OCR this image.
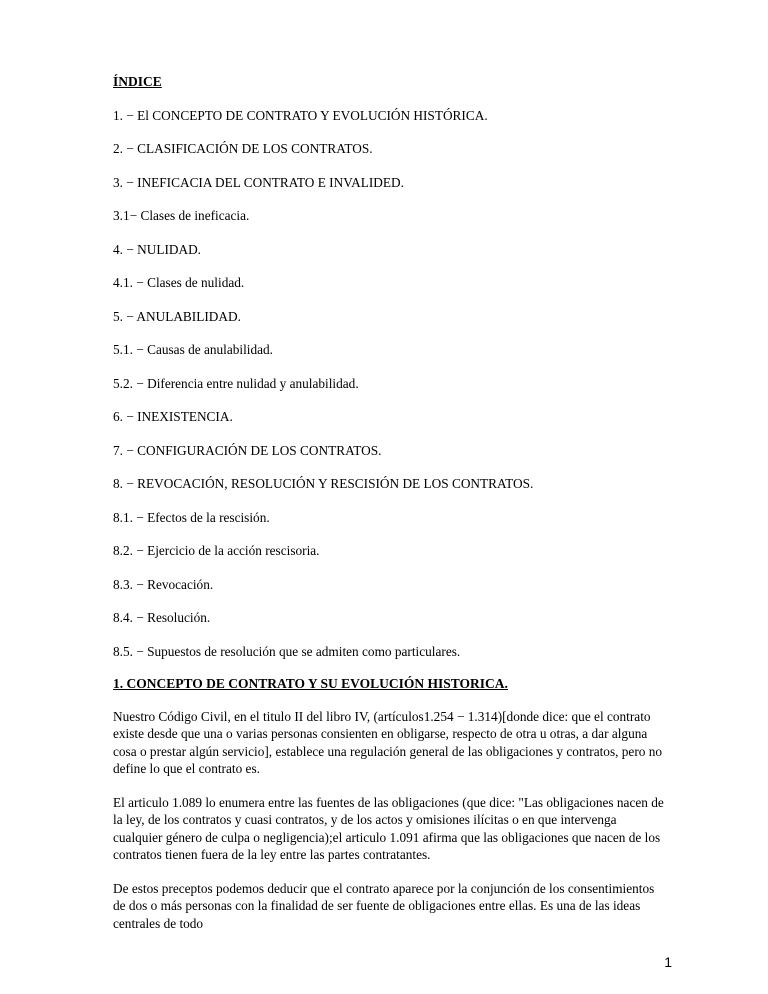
ÍNDICE

1. − El CONCEPTO DE CONTRATO Y EVOLUCIÓN HISTÓRICA.
2. − CLASIFICACIÓN DE LOS CONTRATOS.
3. − INEFICACIA DEL CONTRATO E INVALIDED.
3.1− Clases de ineficacia.
4. − NULIDAD.
4.1. − Clases de nulidad.
5. − ANULABILIDAD.
5.1. − Causas de anulabilidad.
5.2. − Diferencia entre nulidad y anulabilidad.
6. − INEXISTENCIA.
7. − CONFIGURACIÓN DE LOS CONTRATOS.
8. − REVOCACIÓN, RESOLUCIÓN Y RESCISIÓN DE LOS CONTRATOS.
8.1. − Efectos de la rescisión.
8.2. − Ejercicio de la acción rescisoria.
8.3. − Revocación.
8.4. − Resolución.
8.5. − Supuestos de resolución que se admiten como particulares.

1. CONCEPTO DE CONTRATO Y SU EVOLUCIÓN HISTORICA.

Nuestro Código Civil, en el titulo II del libro IV, (artículos1.254 − 1.314)[donde dice: que el contrato existe desde que una o varias personas consienten en obligarse, respecto de otra u otras, a dar alguna cosa o prestar algún servicio], establece una regulación general de las obligaciones y contratos, pero no define lo que el contrato es.

El articulo 1.089 lo enumera entre las fuentes de las obligaciones (que dice: "Las obligaciones nacen de la ley, de los contratos y cuasi contratos, y de los actos y omisiones ilícitas o en que intervenga cualquier género de culpa o negligencia);el articulo 1.091 afirma que las obligaciones que nacen de los contratos tienen fuera de la ley entre las partes contratantes.

De estos preceptos podemos deducir que el contrato aparece por la conjunción de los consentimientos de dos o más personas con la finalidad de ser fuente de obligaciones entre ellas. Es una de las ideas centrales de todo

1
